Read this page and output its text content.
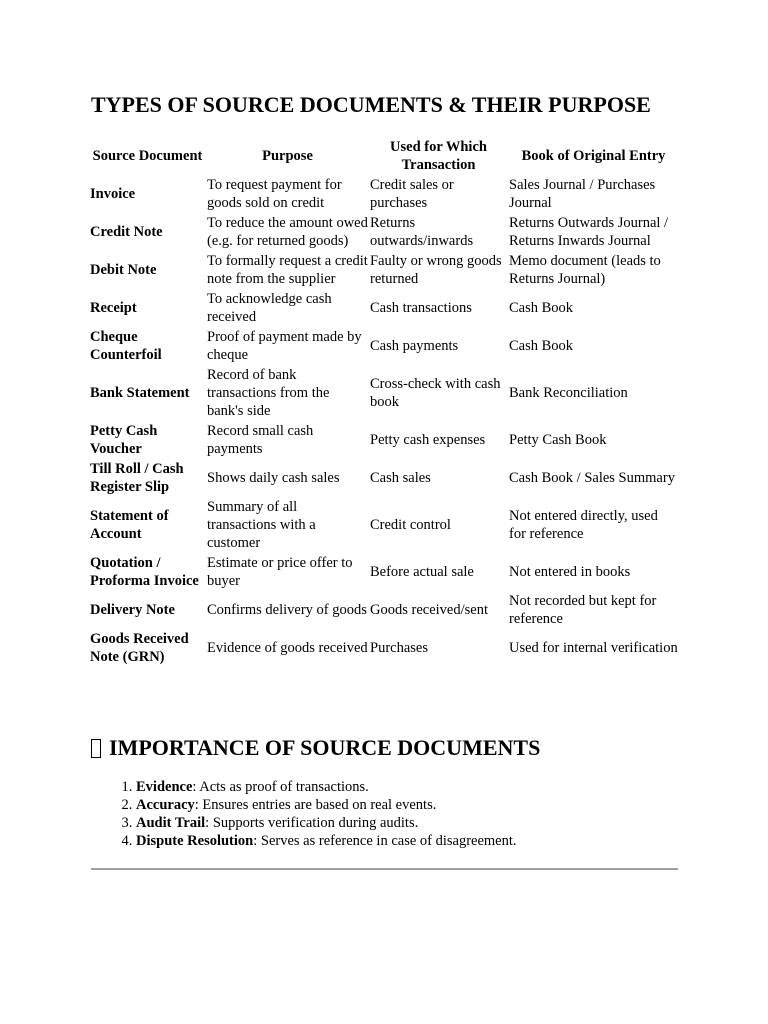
TYPES OF SOURCE DOCUMENTS & THEIR PURPOSE
Source Document	Purpose	Used for Which Transaction	Book of Original Entry
Invoice	To request payment for goods sold on credit	Credit sales or purchases	Sales Journal / Purchases Journal
Credit Note	To reduce the amount owed (e.g. for returned goods)	Returns outwards/inwards	Returns Outwards Journal / Returns Inwards Journal
Debit Note	To formally request a credit note from the supplier	Faulty or wrong goods returned	Memo document (leads to Returns Journal)
Receipt	To acknowledge cash received	Cash transactions	Cash Book
Cheque Counterfoil	Proof of payment made by cheque	Cash payments	Cash Book
Bank Statement	Record of bank transactions from the bank's side	Cross-check with cash book	Bank Reconciliation
Petty Cash Voucher	Record small cash payments	Petty cash expenses	Petty Cash Book
Till Roll / Cash Register Slip	Shows daily cash sales	Cash sales	Cash Book / Sales Summary
Statement of Account	Summary of all transactions with a customer	Credit control	Not entered directly, used for reference
Quotation / Proforma Invoice	Estimate or price offer to buyer	Before actual sale	Not entered in books
Delivery Note	Confirms delivery of goods	Goods received/sent	Not recorded but kept for reference
Goods Received Note (GRN)	Evidence of goods received	Purchases	Used for internal verification
IMPORTANCE OF SOURCE DOCUMENTS
1. Evidence: Acts as proof of transactions.
2. Accuracy: Ensures entries are based on real events.
3. Audit Trail: Supports verification during audits.
4. Dispute Resolution: Serves as reference in case of disagreement.
